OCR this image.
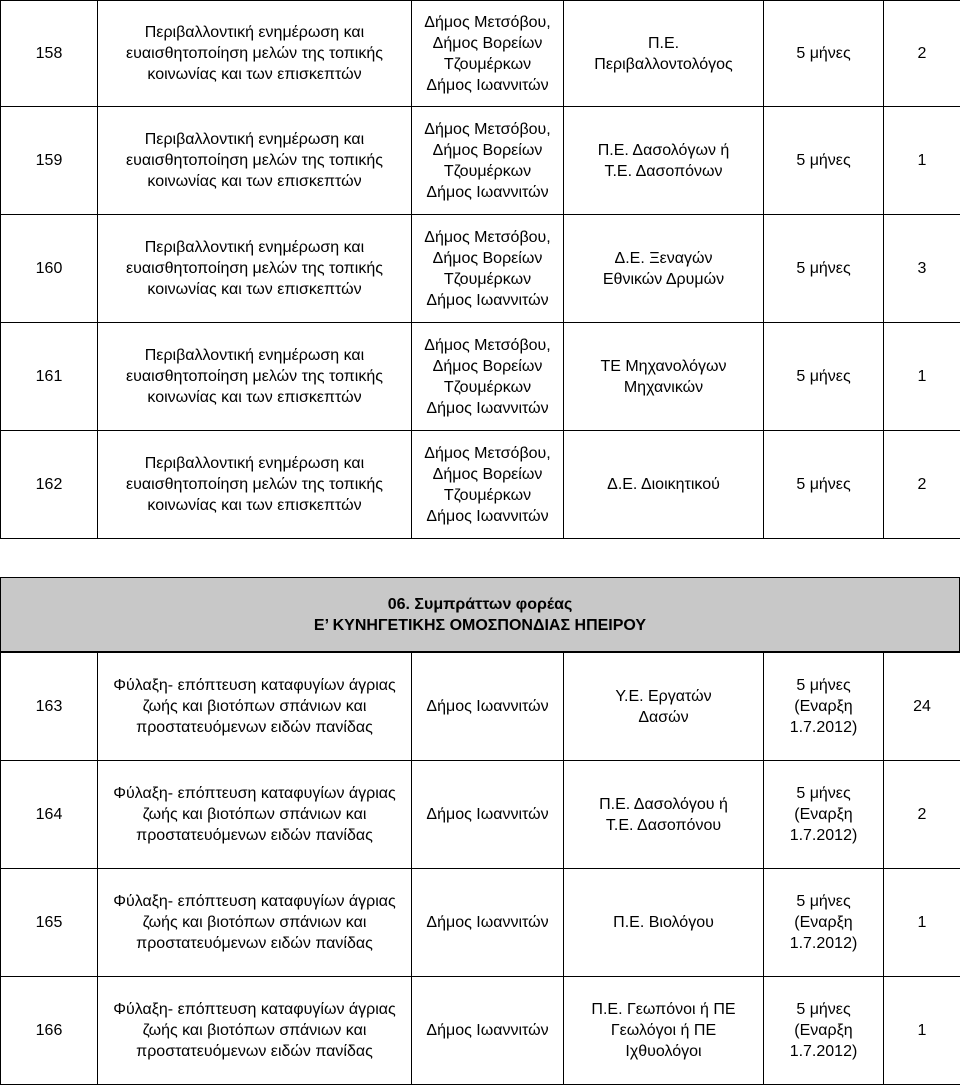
158	Περιβαλλοντική ενημέρωση και
ευαισθητοποίηση μελών της τοπικής
κοινωνίας και των επισκεπτών	Δήμος Μετσόβου,
Δήμος Βορείων
Τζουμέρκων
Δήμος Ιωαννιτών	Π.Ε.
Περιβαλλοντολόγος	5 μήνες	2
159	Περιβαλλοντική ενημέρωση και
ευαισθητοποίηση μελών της τοπικής
κοινωνίας και των επισκεπτών	Δήμος Μετσόβου,
Δήμος Βορείων
Τζουμέρκων
Δήμος Ιωαννιτών	Π.Ε. Δασολόγων ή
Τ.Ε. Δασοπόνων	5 μήνες	1
160	Περιβαλλοντική ενημέρωση και
ευαισθητοποίηση μελών της τοπικής
κοινωνίας και των επισκεπτών	Δήμος Μετσόβου,
Δήμος Βορείων
Τζουμέρκων
Δήμος Ιωαννιτών	Δ.Ε. Ξεναγών
Εθνικών Δρυμών	5 μήνες	3
161	Περιβαλλοντική ενημέρωση και
ευαισθητοποίηση μελών της τοπικής
κοινωνίας και των επισκεπτών	Δήμος Μετσόβου,
Δήμος Βορείων
Τζουμέρκων
Δήμος Ιωαννιτών	ΤΕ Μηχανολόγων
Μηχανικών	5 μήνες	1
162	Περιβαλλοντική ενημέρωση και
ευαισθητοποίηση μελών της τοπικής
κοινωνίας και των επισκεπτών	Δήμος Μετσόβου,
Δήμος Βορείων
Τζουμέρκων
Δήμος Ιωαννιτών	Δ.Ε. Διοικητικού	5 μήνες	2
06. Συμπράττων φορέας
Ε’ ΚΥΝΗΓΕΤΙΚΗΣ ΟΜΟΣΠΟΝΔΙΑΣ ΗΠΕΙΡΟΥ
163	Φύλαξη- επόπτευση καταφυγίων άγριας
ζωής και βιοτόπων σπάνιων και
προστατευόμενων ειδών πανίδας	Δήμος Ιωαννιτών	Υ.Ε. Εργατών
Δασών	5 μήνες
(Εναρξη
1.7.2012)	24
164	Φύλαξη- επόπτευση καταφυγίων άγριας
ζωής και βιοτόπων σπάνιων και
προστατευόμενων ειδών πανίδας	Δήμος Ιωαννιτών	Π.Ε. Δασολόγου ή
Τ.Ε. Δασοπόνου	5 μήνες
(Εναρξη
1.7.2012)	2
165	Φύλαξη- επόπτευση καταφυγίων άγριας
ζωής και βιοτόπων σπάνιων και
προστατευόμενων ειδών πανίδας	Δήμος Ιωαννιτών	Π.Ε. Βιολόγου	5 μήνες
(Εναρξη
1.7.2012)	1
166	Φύλαξη- επόπτευση καταφυγίων άγριας
ζωής και βιοτόπων σπάνιων και
προστατευόμενων ειδών πανίδας	Δήμος Ιωαννιτών	Π.Ε. Γεωπόνοι ή ΠΕ
Γεωλόγοι ή ΠΕ
Ιχθυολόγοι	5 μήνες
(Εναρξη
1.7.2012)	1
